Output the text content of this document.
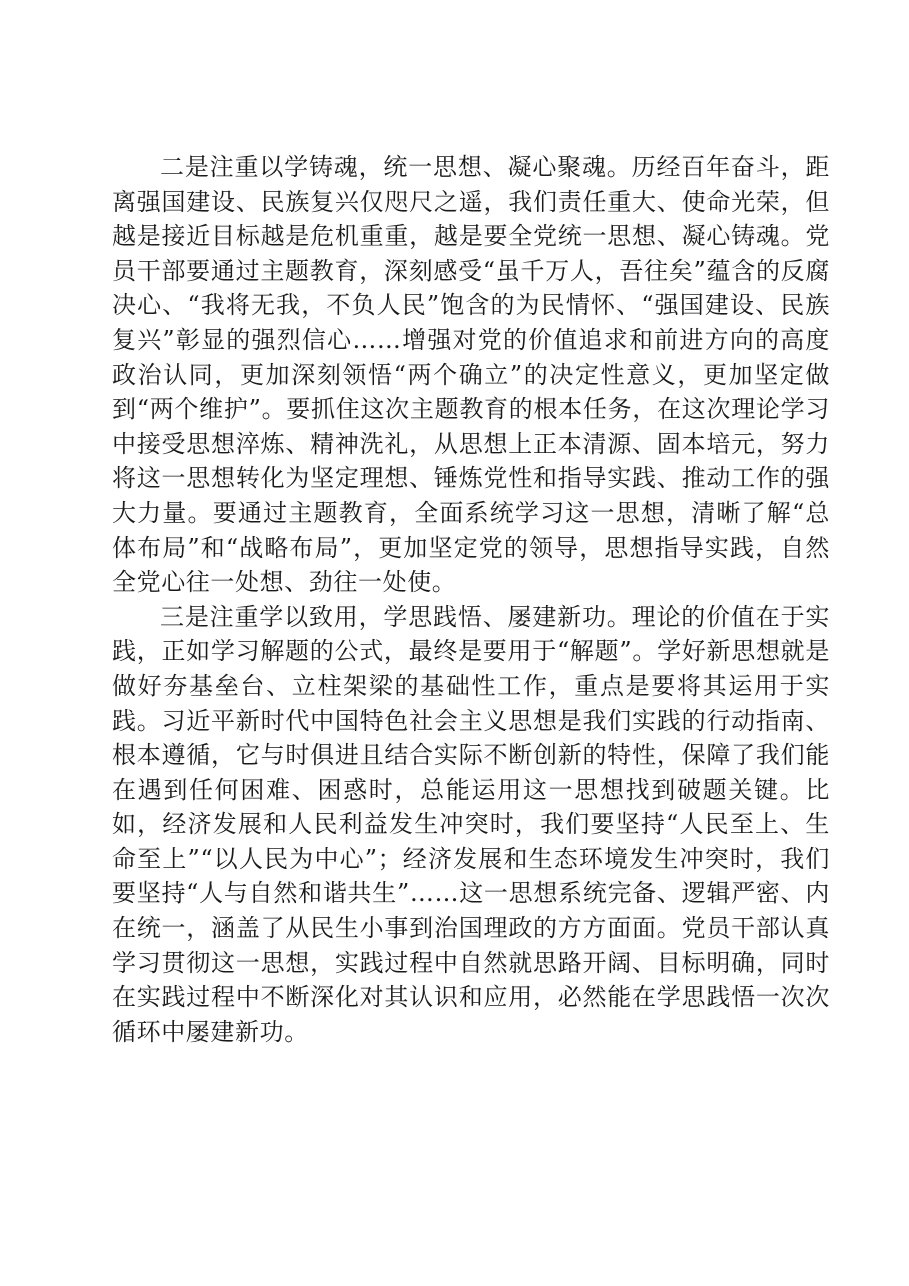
二是注重以学铸魂，统一思想、凝心聚魂。历经百年奋斗，距离强国建设、民族复兴仅咫尺之遥，我们责任重大、使命光荣，但越是接近目标越是危机重重，越是要全党统一思想、凝心铸魂。党员干部要通过主题教育，深刻感受“虽千万人，吾往矣”蕴含的反腐决心、“我将无我，不负人民”饱含的为民情怀、“强国建设、民族复兴”彰显的强烈信心……增强对党的价值追求和前进方向的高度政治认同，更加深刻领悟“两个确立”的决定性意义，更加坚定做到“两个维护”。要抓住这次主题教育的根本任务，在这次理论学习中接受思想淬炼、精神洗礼，从思想上正本清源、固本培元，努力将这一思想转化为坚定理想、锤炼党性和指导实践、推动工作的强大力量。要通过主题教育，全面系统学习这一思想，清晰了解“总体布局”和“战略布局”，更加坚定党的领导，思想指导实践，自然全党心往一处想、劲往一处使。

三是注重学以致用，学思践悟、屡建新功。理论的价值在于实践，正如学习解题的公式，最终是要用于“解题”。学好新思想就是做好夯基垒台、立柱架梁的基础性工作，重点是要将其运用于实践。习近平新时代中国特色社会主义思想是我们实践的行动指南、根本遵循，它与时俱进且结合实际不断创新的特性，保障了我们能在遇到任何困难、困惑时，总能运用这一思想找到破题关键。比如，经济发展和人民利益发生冲突时，我们要坚持“人民至上、生命至上”“以人民为中心”；经济发展和生态环境发生冲突时，我们要坚持“人与自然和谐共生”……这一思想系统完备、逻辑严密、内在统一，涵盖了从民生小事到治国理政的方方面面。党员干部认真学习贯彻这一思想，实践过程中自然就思路开阔、目标明确，同时在实践过程中不断深化对其认识和应用，必然能在学思践悟一次次循环中屡建新功。
